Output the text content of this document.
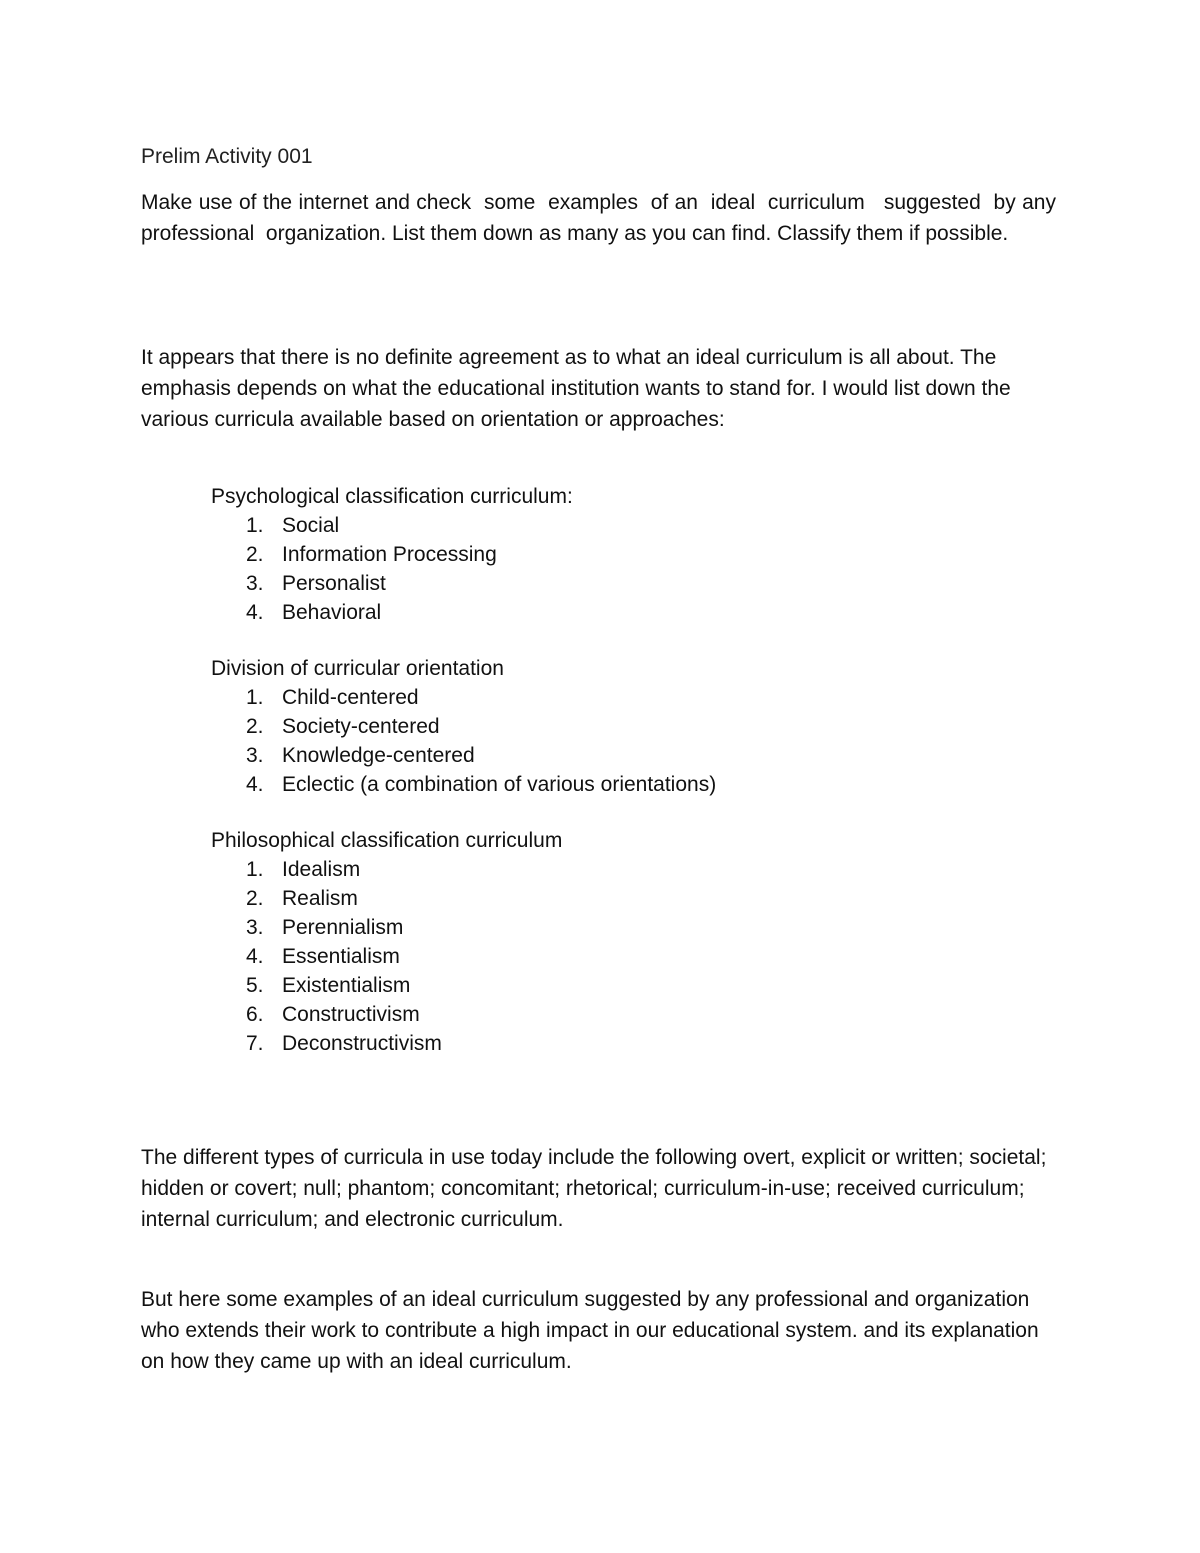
Prelim Activity 001

Make use of the internet and check  some  examples  of an  ideal  curriculum   suggested  by any professional  organization. List them down as many as you can find. Classify them if possible.

It appears that there is no definite agreement as to what an ideal curriculum is all about. The emphasis depends on what the educational institution wants to stand for. I would list down the various curricula available based on orientation or approaches:

Psychological classification curriculum:

1. Social
2. Information Processing
3. Personalist
4. Behavioral

Division of curricular orientation

1. Child-centered
2. Society-centered
3. Knowledge-centered
4. Eclectic (a combination of various orientations)

Philosophical classification curriculum

1. Idealism
2. Realism
3. Perennialism
4. Essentialism
5. Existentialism
6. Constructivism
7. Deconstructivism

The different types of curricula in use today include the following overt, explicit or written; societal; hidden or covert; null; phantom; concomitant; rhetorical; curriculum-in-use; received curriculum; internal curriculum; and electronic curriculum.

But here some examples of an ideal curriculum suggested by any professional and organization who extends their work to contribute a high impact in our educational system. and its explanation on how they came up with an ideal curriculum.
